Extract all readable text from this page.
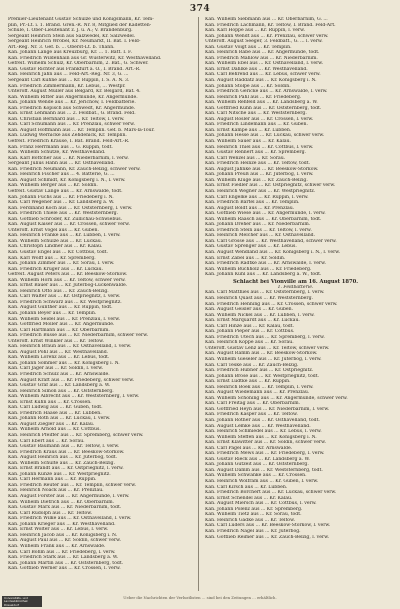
374
Premier-Lieutenant Gustav Schulze und Königsmann, Kr. Tem-
plin, Pr.-Lt. i. 1. Brand. Gren.-R. Nr. 8, Mitglied der Kadetten-
Schule, I. Ober-Lieutenant z. J. u. A.; V. Brandenburg.
Sergeant Heinrich Stein aus Salzwedel, Kr. Salzwedel.
Sergeant Heinrich Wrobel, Kr. Neumarkt, II. Bat. I. Feld-
Art.-Reg. Nr. 3. Gef. b. ... Oberst-Lt. b. Thann.
Kan. Johann Lange aus Kreuzburg, Kr. ... 1. Batt. I. F.
Kan. Friedrich Wildenhain aus Gr. Wusterwitz, Kr. Westhavelland.
Gefreit. Wilhelm Schulz, Kr. Oberbarnim, 2. Bat., G. Schwer.
Kan. Gustav Richter aus Frankfurt a. O., I. Brand. Art.-R.
Kan. Heinrich Jahn aus ... Feld-Art.-Reg. Nr. 3, G. ...
Sergeant Carl Kühne aus ... Kr. Ruppin, I. S. A. N. 3.
Kan. Friedrich Zimmermann, Kr. Lebus, ... Westpr.
Unteroff. August Müller aus Belgard, Kr. Belgard, Bat. 4.
Kan. Wilhelm Ritter aus Angermünde, Kr. Angermünde.
Kan. Johann Wende aus ... Kr. Jerichow, I. Feldbatterie.
Kan. Friedrich Kopisch aus Schwedt, Kr. Angermünde.
Kan. Ernst Lehmann aus ... 2. Feldbat., G. Brand. Feld.
Kan. Christian Bernhard aus ... Kr. Teltow, l. verw.
Kan. Carl Schumann aus ... Kr. Prenzlau, schwer verw.
Kan. August Hoffmann aus ... Kr. Templin. Gef. b. Mars-la-Tour.
Kan. Ludwig Wernicke aus Zehdenick, Kr. Templin.
Gefreit. Friedrich Krause, I. Bat. Brand. Feld-Art.-R.
Kan. Franz Herrmann aus ... G. Ruppin, todt.
Kan. Wilhelm Schütze, Kr. Westhavelland.
Kan. Karl Böttcher aus ... Kr. Niederbarnim, l. verw.
Sergeant Julius Hahn aus ... Kr. Osthavelland.
Kan. Friedrich Neumann, Kr. Zauch-Belzig, schwer verw.
Kan. Heinrich Fischer aus ... 4. Batterie, G. ...
Kan. August Schmidt, Kr. Königsberg i. N., l. verw.
Kan. Wilhelm Berger aus ... Kr. Soldin.
Gefreit. Gustav Lange aus ... Kr. Arnswalde, todt.
Kan. Johann Fuchs aus ... Kr. Friedeberg i. N.
Kan. Carl Wegener aus ... Kr. Landsberg a. W.
Kan. Ferdinand Koch aus ... Kr. Oststernberg, l. verw.
Kan. Friedrich Thiele aus ... Kr. Weststernberg.
Kan. Gottlieb Schröder, Kr. Züllichau-Schwiebus.
Kan. August Kaiser aus ... Kr. Crossen, schwer verw.
Unteroff. Ernst Vogel aus ... Kr. Guben.
Kan. Heinrich Franke aus ... Kr. Lübben, l. verw.
Kan. Wilhelm Schulze aus ... Kr. Luckau.
Kan. Christoph Lindner aus ... Kr. Kalau.
Kan. Gustav Engel aus ... Kr. Cottbus, todt.
Kan. Karl Wolff aus ... Kr. Spremberg.
Kan. Johann Zimmer aus ... Kr. Sorau, l. verw.
Kan. Friedrich Krüger aus ... Kr. Luckau.
Gefreit. August Peters aus ... Kr. Beeskow-Storkow.
Kan. Wilhelm Horn aus ... Kr. Teltow, schwer verw.
Kan. Ernst Bauer aus ... Kr. Jüterbog-Luckenwalde.
Kan. Heinrich Otto aus ... Kr. Zauch-Belzig.
Kan. Carl Walter aus ... Kr. Ostpriegnitz, l. verw.
Kan. Friedrich Schwarz aus ... Kr. Westpriegnitz.
Kan. August Günther aus ... Kr. Ruppin, todt.
Kan. Johann Beyer aus ... Kr. Templin.
Kan. Wilhelm Seidel aus ... Kr. Prenzlau, l. verw.
Kan. Gottfried Möller aus ... Kr. Angermünde.
Kan. Carl Hartmann aus ... Kr. Oberbarnim.
Kan. Friedrich Busse aus ... Kr. Niederbarnim, schwer verw.
Unteroff. Ernst Winkler aus ... Kr. Teltow.
Kan. Heinrich Braun aus ... Kr. Osthavelland, l. verw.
Kan. August Pohl aus ... Kr. Westhavelland.
Kan. Wilhelm Lorenz aus ... Kr. Lebus, todt.
Kan. Johann Sommer aus ... Kr. Königsberg i. N.
Kan. Carl Jäger aus ... Kr. Soldin, l. verw.
Kan. Friedrich Schulz aus ... Kr. Arnswalde.
Kan. August Kraft aus ... Kr. Friedeberg, schwer verw.
Kan. Gustav Graf aus ... Kr. Landsberg a. W.
Kan. Heinrich Simon aus ... Kr. Oststernberg.
Kan. Wilhelm Albrecht aus ... Kr. Weststernberg, l. verw.
Kan. Ernst Kuhn aus ... Kr. Crossen.
Kan. Carl Ludwig aus ... Kr. Guben, todt.
Kan. Friedrich Haase aus ... Kr. Lübben.
Kan. Johann Roth aus ... Kr. Luckau, l. verw.
Kan. August Ziegler aus ... Kr. Kalau.
Kan. Wilhelm Arnold aus ... Kr. Cottbus.
Kan. Heinrich Pfeiffer aus ... Kr. Spremberg, schwer verw.
Kan. Carl Ebert aus ... Kr. Sorau.
Kan. Gustav Baumann aus ... Kr. Teltow, l. verw.
Kan. Friedrich Kraus aus ... Kr. Beeskow-Storkow.
Kan. August Heinrich aus ... Kr. Jüterbog, todt.
Kan. Wilhelm Schulte aus ... Kr. Zauch-Belzig.
Kan. Ernst Brandt aus ... Kr. Ostpriegnitz, l. verw.
Kan. Johann Kunze aus ... Kr. Westpriegnitz.
Kan. Carl Hermann aus ... Kr. Ruppin.
Kan. Friedrich Reuter aus ... Kr. Templin, schwer verw.
Kan. Heinrich Noack aus ... Kr. Prenzlau.
Kan. August Förster aus ... Kr. Angermünde, l. verw.
Kan. Wilhelm Dietrich aus ... Kr. Oberbarnim.
Kan. Gustav Marx aus ... Kr. Niederbarnim, todt.
Kan. Carl Rudolph aus ... Kr. Teltow.
Kan. Friedrich Wilke aus ... Kr. Osthavelland, l. verw.
Kan. Johann Krieger aus ... Kr. Westhavelland.
Kan. Ernst Wolter aus ... Kr. Lebus, l. verw.
Kan. Heinrich Jacob aus ... Kr. Königsberg i. N.
Kan. August Paul aus ... Kr. Soldin, schwer verw.
Kan. Wilhelm Frank aus ... Kr. Arnswalde.
Kan. Carl Böhm aus ... Kr. Friedeberg, l. verw.
Kan. Friedrich Stark aus ... Kr. Landsberg a. W.
Kan. Johann Martin aus ... Kr. Oststernberg, todt.
Kan. Gottlieb Werner aus ... Kr. Crossen, l. verw.
Kan. Wilhelm Siebmann aus ... Kr. Oberbarnim, G. ...
Kan. Friedrich Lachmann, Kr. Teltow, I. Brand. Feld-Art.
Kan. Karl Hoppe aus ... Kr. Ruppin, l. verw.
Kan. Johann Wendt aus ... Kr. Prenzlau, schwer verw.
Unteroff. August Seeger, 3. Feldbatt., G. ... l. verw.
Kan. Gustav Voigt aus ... Kr. Templin.
Kan. Heinrich Rabe aus ... Kr. Angermünde, todt.
Kan. Friedrich Mahlow aus ... Kr. Niederbarnim.
Kan. Wilhelm Ebel aus ... Kr. Osthavelland, l. verw.
Kan. Ernst Dahlke aus ... Kr. Westhavelland.
Kan. Carl Behrend aus ... Kr. Lebus, schwer verw.
Kan. August Raddatz aus ... Kr. Königsberg i. N.
Kan. Johann Stolpe aus ... Kr. Soldin.
Kan. Friedrich Gericke aus ... Kr. Arnswalde, l. verw.
Kan. Heinrich Pahl aus ... Kr. Friedeberg.
Kan. Wilhelm Rehfeld aus ... Kr. Landsberg a. W.
Kan. Gottfried Kühn aus ... Kr. Oststernberg, todt.
Kan. Carl Nitsche aus ... Kr. Weststernberg.
Kan. August Rösler aus ... Kr. Crossen, l. verw.
Kan. Friedrich Lindemann aus ... Kr. Guben.
Kan. Ernst Kampe aus ... Kr. Lübben.
Kan. Johann Hesse aus ... Kr. Luckau, schwer verw.
Kan. Wilhelm Sauer aus ... Kr. Kalau.
Kan. Heinrich Thiel aus ... Kr. Cottbus, l. verw.
Kan. Gustav Rennert aus ... Kr. Spremberg.
Kan. Carl Wenzel aus ... Kr. Sorau.
Kan. Friedrich Heinze aus ... Kr. Teltow, todt.
Kan. August Jahnke aus ... Kr. Beeskow-Storkow.
Kan. Johann Preuß aus ... Kr. Jüterbog, l. verw.
Kan. Wilhelm Kluge aus ... Kr. Zauch-Belzig.
Kan. Ernst Fiedler aus ... Kr. Ostpriegnitz, schwer verw.
Kan. Heinrich Wegner aus ... Kr. Westpriegnitz.
Kan. Carl Engelke aus ... Kr. Ruppin, l. verw.
Kan. Friedrich Bartel aus ... Kr. Templin.
Kan. August Boldt aus ... Kr. Prenzlau.
Kan. Gottlieb Wiese aus ... Kr. Angermünde, l. verw.
Kan. Wilhelm Raasch aus ... Kr. Oberbarnim, todt.
Kan. Johann Dreher aus ... Kr. Niederbarnim.
Kan. Friedrich Stein aus ... Kr. Teltow, l. verw.
Kan. Heinrich Melcher aus ... Kr. Osthavelland.
Kan. Carl Grosse aus ... Kr. Westhavelland, schwer verw.
Kan. Gustav Sprenger aus ... Kr. Lebus.
Kan. August Wendland aus ... Kr. Königsberg i. N., l. verw.
Kan. Ernst Zabel aus ... Kr. Soldin.
Kan. Friedrich Radtke aus ... Kr. Arnswalde, l. verw.
Kan. Wilhelm Buchholz aus ... Kr. Friedeberg.
Kan. Johann Kühl aus ... Kr. Landsberg a. W., todt.
Schlacht bei Vionville am 16. August 1870.
1. Feldbatterie.
Kan. Carl Matthies aus ... Kr. Oststernberg, l. verw.
Kan. Heinrich Quast aus ... Kr. Weststernberg.
Kan. Friedrich Henning aus ... Kr. Crossen, schwer verw.
Kan. August Geisler aus ... Kr. Guben.
Kan. Wilhelm Nickel aus ... Kr. Lübben, l. verw.
Kan. Ernst Marquardt aus ... Kr. Luckau.
Kan. Carl Hinze aus ... Kr. Kalau, todt.
Kan. Johann Pieper aus ... Kr. Cottbus.
Kan. Friedrich Utech aus ... Kr. Spremberg, l. verw.
Kan. Heinrich Koppe aus ... Kr. Sorau.
Unteroff. Gustav Lenz aus ... Kr. Teltow, schwer verw.
Kan. August Ramm aus ... Kr. Beeskow-Storkow.
Kan. Wilhelm Gieseler aus ... Kr. Jüterbog, l. verw.
Kan. Carl Teske aus ... Kr. Zauch-Belzig.
Kan. Friedrich Hübner aus ... Kr. Ostpriegnitz.
Kan. Johann Brose aus ... Kr. Westpriegnitz, todt.
Kan. Ernst Lüdtke aus ... Kr. Ruppin.
Kan. Heinrich Boek aus ... Kr. Templin, l. verw.
Kan. August Wiedemann aus ... Kr. Prenzlau.
Kan. Wilhelm Schöning aus ... Kr. Angermünde, schwer verw.
Kan. Carl Freitag aus ... Kr. Oberbarnim.
Kan. Gottfried Heyn aus ... Kr. Niederbarnim, l. verw.
Kan. Friedrich Kasper aus ... Kr. Teltow.
Kan. Johann Rother aus ... Kr. Osthavelland, todt.
Kan. August Lemke aus ... Kr. Westhavelland.
Kan. Heinrich Schmiedel aus ... Kr. Lebus, l. verw.
Kan. Wilhelm Steffen aus ... Kr. Königsberg i. N.
Kan. Ernst Klawitter aus ... Kr. Soldin, schwer verw.
Kan. Carl Pagel aus ... Kr. Arnswalde.
Kan. Friedrich Mews aus ... Kr. Friedeberg, l. verw.
Kan. Gustav Rieck aus ... Kr. Landsberg a. W.
Kan. Johann Gutzeit aus ... Kr. Oststernberg.
Kan. August Damm aus ... Kr. Weststernberg, todt.
Kan. Wilhelm Schwanke aus ... Kr. Crossen.
Kan. Heinrich Wolfram aus ... Kr. Guben, l. verw.
Kan. Carl Kirsch aus ... Kr. Lübben.
Kan. Friedrich Borchert aus ... Kr. Luckau, schwer verw.
Kan. Ernst Schendel aus ... Kr. Kalau.
Kan. August Miersch aus ... Kr. Cottbus, l. verw.
Kan. Johann Polenz aus ... Kr. Spremberg.
Kan. Wilhelm Tietz aus ... Kr. Sorau, todt.
Kan. Heinrich Gädke aus ... Kr. Teltow.
Kan. Carl Lüders aus ... Kr. Beeskow-Storkow, l. verw.
Kan. Friedrich Nagel aus ... Kr. Jüterbog.
Kan. Gottlieb Reimer aus ... Kr. Zauch-Belzig, l. verw.
Ueber die Nachrichten der Verlustlisten ... sind bei den Zeitungen ... erhältlich.
Universitäts- und
Landesbibliothek
Düsseldorf
